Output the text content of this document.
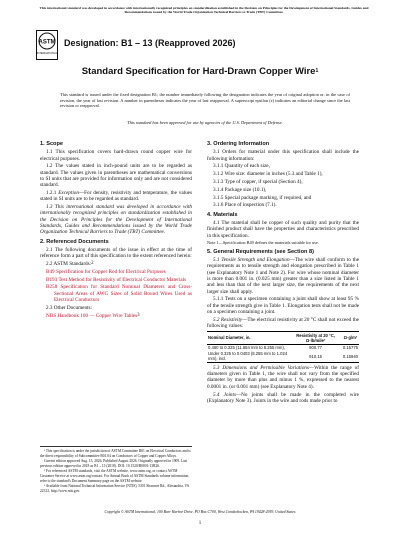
This international standard was developed in accordance with internationally recognized principles on standardization established in the Decision on Principles for the Development of International Standards, Guides and Recommendations issued by the World Trade Organization Technical Barriers to Trade (TBT) Committee.
ASTM
INTERNATIONAL
Designation: B1 – 13 (Reapproved 2026)
Standard Specification for Hard-Drawn Copper Wire$^1$
This standard is issued under the fixed designation B1; the number immediately following the designation indicates the year of original adoption or, in the case of revision, the year of last revision. A number in parentheses indicates the year of last reapproval. A superscript epsilon (ε) indicates an editorial change since the last revision or reapproval.
This standard has been approved for use by agencies of the U.S. Department of Defense.

1. Scope

1.1 This specification covers hard-drawn round copper wire for electrical purposes.

1.2 The values stated in inch-pound units are to be regarded as standard. The values given in parentheses are mathematical conversions to SI units that are provided for information only and are not considered standard.

1.2.1 Exception—For density, resistivity and temperature, the values stated in SI units are to be regarded as standard.

1.3 This international standard was developed in accordance with internationally recognized principles on standardization established in the Decision on Principles for the Development of International Standards, Guides and Recommendations issued by the World Trade Organization Technical Barriers to Trade (TBT) Committee.

2. Referenced Documents

2.1 The following documents of the issue in effect at the time of reference form a part of this specification to the extent referenced herein:

2.2 ASTM Standards:2

B49 Specification for Copper Rod for Electrical Purposes

B193 Test Method for Resistivity of Electrical Conductor Materials

B258 Specification for Standard Nominal Diameters and Cross-Sectional Areas of AWG Sizes of Solid Round Wires Used as Electrical Conductors

2.3 Other Documents:

NBS Handbook 100 — Copper Wire Tables3

3. Ordering Information

3.1 Orders for material under this specification shall include the following information:

3.1.1 Quantity of each size,

3.1.2 Wire size: diameter in inches (5.3 and Table 1),

3.1.3 Type of copper, if special (Section 4),

3.1.4 Package size (10.1),

3.1.5 Special package marking, if required, and

3.1.6 Place of inspection (7.1).

4. Materials

4.1 The material shall be copper of such quality and purity that the finished product shall have the properties and characteristics prescribed in this specification.

Note 1—Specification B49 defines the materials suitable for use.

5. General Requirements (see Section 8)

5.1 Tensile Strength and Elongation—The wire shall conform to the requirements as to tensile strength and elongation prescribed in Table 1 (see Explanatory Note 1 and Note 2). For wire whose nominal diameter is more than 0.001 in. (0.025 mm) greater than a size listed in Table 1 and less than that of the next larger size, the requirements of the next larger size shall apply.

5.1.1 Tests on a specimen containing a joint shall show at least 95 % of the tensile strength give in Table 1. Elongation tests shall not be made on a specimen containing a joint.

5.2 Resistivity—The electrical resistivity at 20 °C shall not exceed the following values:

Nominal Diameter, in.	Resistivity at 20 °C, Ω·lb/mile²	Ω·g/m²
0.460 to 0.325 (11.684 mm to 8.255 mm),	900.77	0.15775
Under 0.325 to 0.0403 (8.255 mm to 1.024 mm), incl.	910.15	0.15940

5.3 Dimensions and Permissible Variations—Within the range of diameters given in Table 1, the wire shall not vary from the specified diameter by more than plus and minus 1 %, expressed to the nearest 0.0001 in. (or 0.001 mm) (see Explanatory Note 4).

5.4 Joints—No joints shall be made in the completed wire (Explanatory Note 3). Joints in the wire and rods made prior to

¹ This specification is under the jurisdiction of ASTM Committee B01 on Electrical Conductors and is the direct responsibility of Subcommittee B01.04 on Conductors of Copper and Copper Alloys.

Current edition approved Aug. 15, 2026. Published August 2026. Originally approved in 1909. Last previous edition approved in 2018 as B1 – 13 (2018). DOI: 10.1520/B0001-13R26.

² For referenced ASTM standards, visit the ASTM website, www.astm.org, or contact ASTM Customer Service at www.astm.org/contact. For Annual Book of ASTM Standards volume information, refer to the standard's Document Summary page on the ASTM website.

³ Available from National Technical Information Service (NTIS), 5301 Shawnee Rd., Alexandria, VA 22312, http://www.ntis.gov.

Copyright © ASTM International, 100 Barr Harbor Drive, PO Box C700, West Conshohocken, PA 19428-2959. United States
1
